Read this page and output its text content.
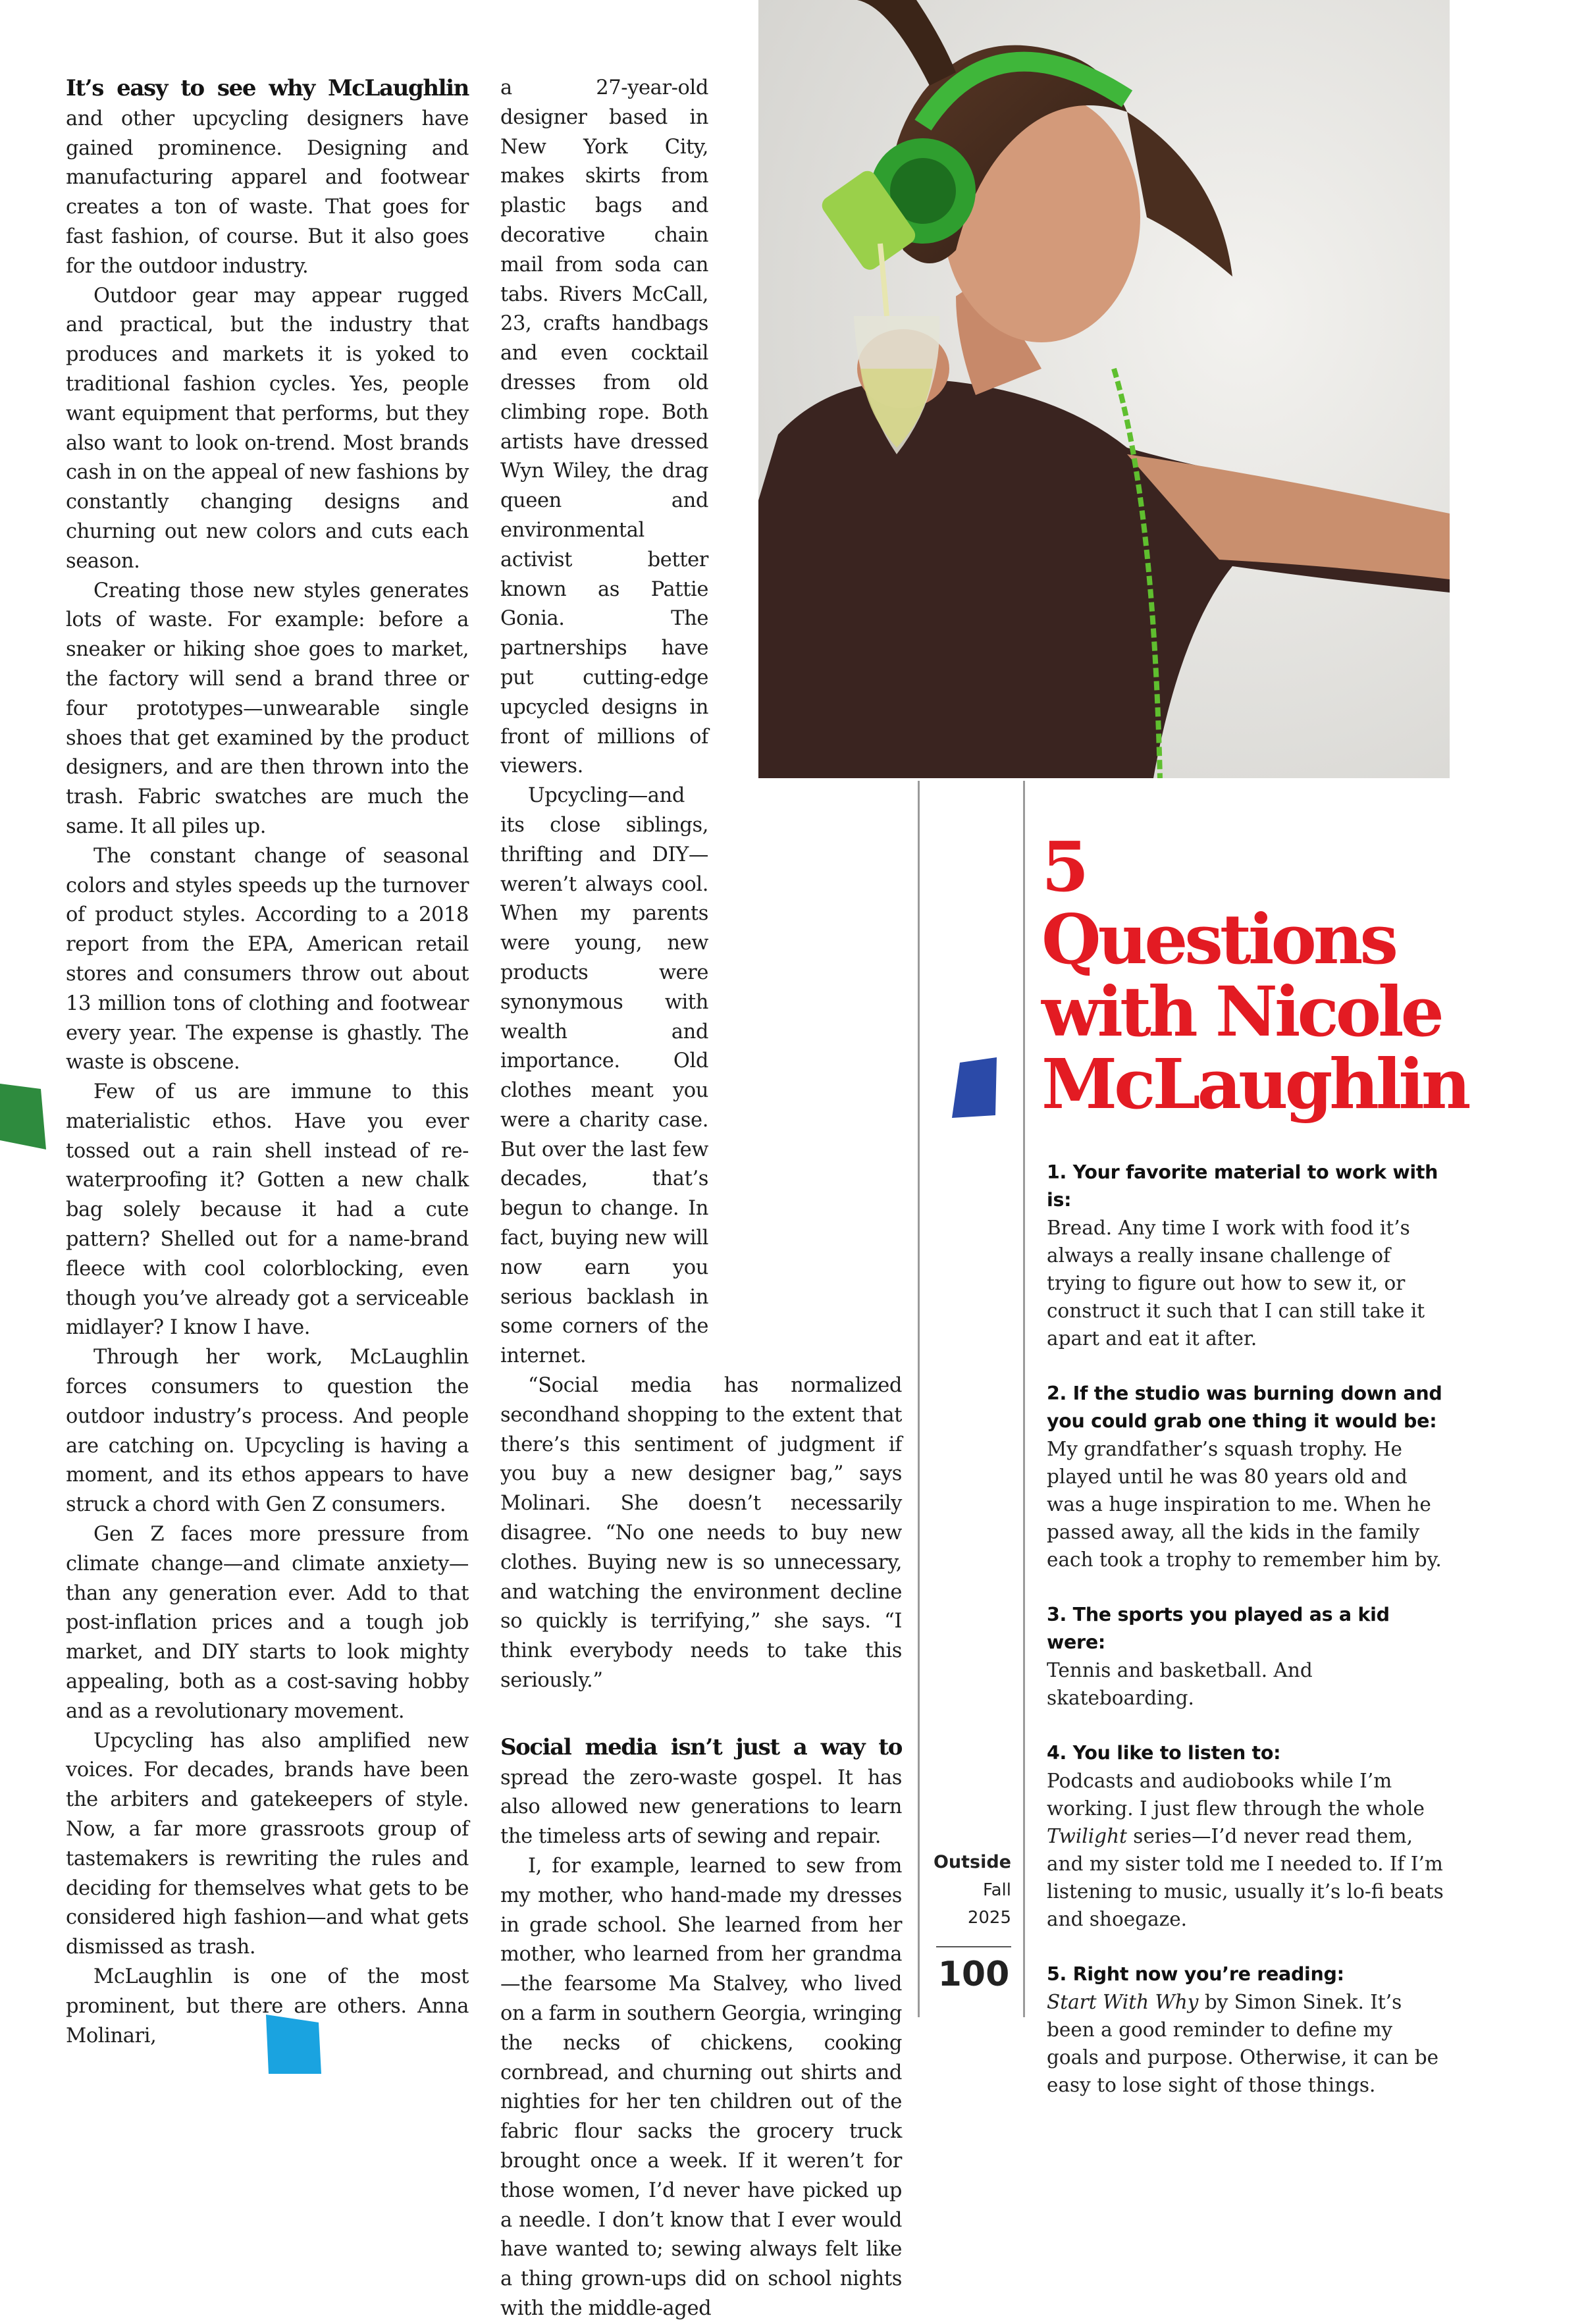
It’s easy to see why McLaughlin and other upcycling designers have gained prominence. Designing and manufacturing apparel and footwear creates a ton of waste. That goes for fast fashion, of course. But it also goes for the outdoor industry.

Outdoor gear may appear rugged and practical, but the industry that produces and markets it is yoked to traditional fashion cycles. Yes, people want equipment that performs, but they also want to look on-trend. Most brands cash in on the appeal of new fashions by constantly changing designs and churning out new colors and cuts each season.

Creating those new styles generates lots of waste. For example: before a sneaker or hiking shoe goes to market, the factory will send a brand three or four prototypes—unwearable single shoes that get examined by the product designers, and are then thrown into the trash. Fabric swatches are much the same. It all piles up.

The constant change of seasonal colors and styles speeds up the turnover of product styles. According to a 2018 report from the EPA, American retail stores and consumers throw out about 13 million tons of clothing and footwear every year. The expense is ghastly. The waste is obscene.

Few of us are immune to this materialistic ethos. Have you ever tossed out a rain shell instead of re-waterproofing it? Gotten a new chalk bag solely because it had a cute pattern? Shelled out for a name-brand fleece with cool colorblocking, even though you’ve already got a serviceable midlayer? I know I have.

Through her work, McLaughlin forces consumers to question the outdoor industry’s process. And people are catching on. Upcycling is having a moment, and its ethos appears to have struck a chord with Gen Z consumers.

Gen Z faces more pressure from climate change—and climate anxiety—than any generation ever. Add to that post-inflation prices and a tough job market, and DIY starts to look mighty appealing, both as a cost-saving hobby and as a revolutionary movement.

Upcycling has also amplified new voices. For decades, brands have been the arbiters and gatekeepers of style. Now, a far more grassroots group of tastemakers is rewriting the rules and deciding for themselves what gets to be considered high fashion—and what gets dismissed as trash.

McLaughlin is one of the most prominent, but there are others. Anna Molinari,

a 27-year-old designer based in New York City, makes skirts from plastic bags and decorative chain mail from soda can tabs. Rivers McCall, 23, crafts handbags and even cocktail dresses from old climbing rope. Both artists have dressed Wyn Wiley, the drag queen and environmental activist better known as Pattie Gonia. The partnerships have put cutting-edge upcycled designs in front of millions of viewers.

Upcycling—and its close siblings, thrifting and DIY—weren’t always cool. When my parents were young, new products were synonymous with wealth and importance. Old clothes meant you were a charity case. But over the last few decades, that’s begun to change. In fact, buying new will now earn you serious backlash in some corners of the internet.

“Social media has normalized secondhand shopping to the extent that there’s this sentiment of judgment if you buy a new designer bag,” says Molinari. She doesn’t necessarily disagree. “No one needs to buy new clothes. Buying new is so unnecessary, and watching the environment decline so quickly is terrifying,” she says. “I think everybody needs to take this seriously.”

Social media isn’t just a way to spread the zero-waste gospel. It has also allowed new generations to learn the timeless arts of sewing and repair.

I, for example, learned to sew from my mother, who hand-made my dresses in grade school. She learned from her mother, who learned from her grandma—the fearsome Ma Stalvey, who lived on a farm in southern Georgia, wringing the necks of chickens, cooking cornbread, and churning out shirts and nighties for her ten children out of the fabric flour sacks the grocery truck brought once a week. If it weren’t for those women, I’d never have picked up a needle. I don’t know that I ever would have wanted to; sewing always felt like a thing grown-ups did on school nights with the middle-aged

5 Questions with Nicole McLaughlin
1. Your favorite material to work with is:
Bread. Any time I work with food it’s always a really insane challenge of trying to figure out how to sew it, or construct it such that I can still take it apart and eat it after.
2. If the studio was burning down and you could grab one thing it would be:
My grandfather’s squash trophy. He played until he was 80 years old and was a huge inspiration to me. When he passed away, all the kids in the family each took a trophy to remember him by.
3. The sports you played as a kid were:
Tennis and basketball. And skateboarding.
4. You like to listen to:
Podcasts and audiobooks while I’m working. I just flew through the whole Twilight series—I’d never read them, and my sister told me I needed to. If I’m listening to music, usually it’s lo-fi beats and shoegaze.
5. Right now you’re reading:
Start With Why by Simon Sinek. It’s been a good reminder to define my goals and purpose. Otherwise, it can be easy to lose sight of those things.
Outside
Fall
2025
100
